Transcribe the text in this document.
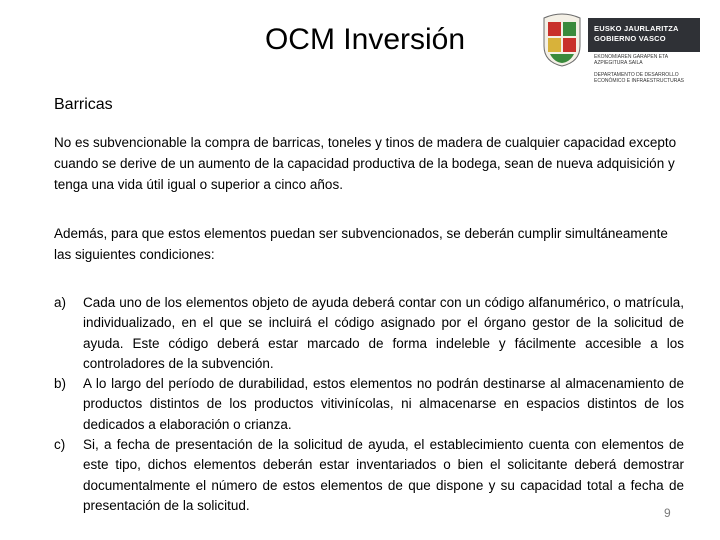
OCM Inversión	EUSKO JAURLARITZA
GOBIERNO VASCO
EKONOMIAREN GARAPEN ETA AZPIEGITURA SAILA
DEPARTAMENTO DE DESARROLLO ECONÓMICO E INFRAESTRUCTURAS
Barricas
No es subvencionable la compra de barricas, toneles y tinos de madera de cualquier capacidad excepto cuando se derive de un aumento de la capacidad productiva de la bodega, sean de nueva adquisición y tenga una vida útil igual o superior a cinco años.
Además, para que estos elementos puedan ser subvencionados, se deberán cumplir simultáneamente las siguientes condiciones:
a) Cada uno de los elementos objeto de ayuda deberá contar con un código alfanumérico, o matrícula, individualizado, en el que se incluirá el código asignado por el órgano gestor de la solicitud de ayuda. Este código deberá estar marcado de forma indeleble y fácilmente accesible a los controladores de la subvención.
b) A lo largo del período de durabilidad, estos elementos no podrán destinarse al almacenamiento de productos distintos de los productos vitivinícolas, ni almacenarse en espacios distintos de los dedicados a elaboración o crianza.
c) Si, a fecha de presentación de la solicitud de ayuda, el establecimiento cuenta con elementos de este tipo, dichos elementos deberán estar inventariados o bien el solicitante deberá demostrar documentalmente el número de estos elementos de que dispone y su capacidad total a fecha de presentación de la solicitud.
9
